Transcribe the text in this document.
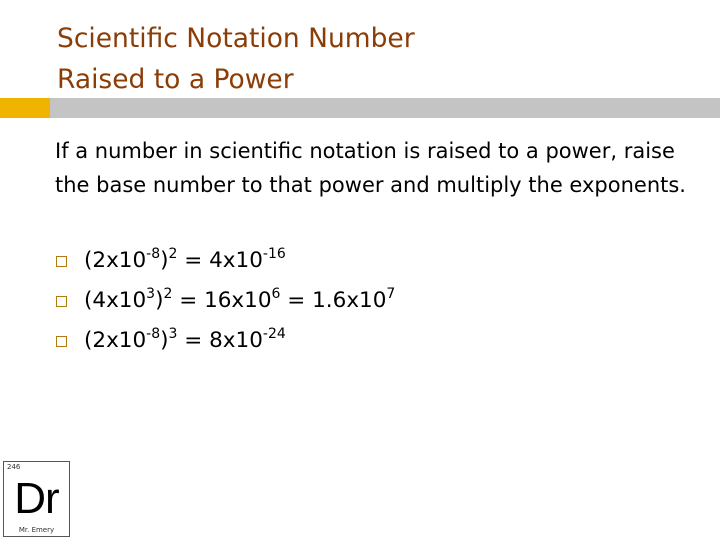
Scientific Notation Number
Raised to a Power
If a number in scientific notation is raised to a power, raise the base number to that power and multiply the exponents.
$(2x10^{-8})^2 = 4x10^{-16}$
$(4x10^3)^2 = 16x10^6 = 1.6x10^7$
$(2x10^{-8})^3 = 8x10^{-24}$
246
Dr
Mr. Emery
